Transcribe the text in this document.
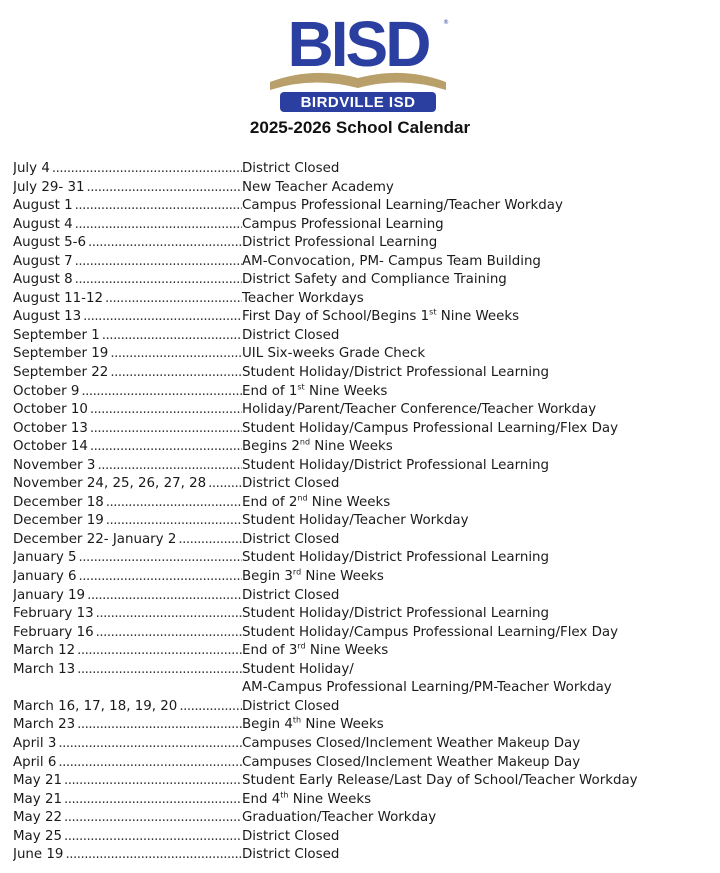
BISD ®
BIRDVILLE ISD
2025-2026 School Calendar
July 4 .....	District Closed
July 29- 31 .....	New Teacher Academy
August 1 .....	Campus Professional Learning/Teacher Workday
August 4 .....	Campus Professional Learning
August 5-6 .....	District Professional Learning
August 7 .....	AM-Convocation, PM- Campus Team Building
August 8 .....	District Safety and Compliance Training
August 11-12 .....	Teacher Workdays
August 13 .....	First Day of School/Begins 1st Nine Weeks
September 1 .....	District Closed
September 19 .....	UIL Six-weeks Grade Check
September 22 .....	Student Holiday/District Professional Learning
October 9 .....	End of 1st Nine Weeks
October 10 .....	Holiday/Parent/Teacher Conference/Teacher Workday
October 13 .....	Student Holiday/Campus Professional Learning/Flex Day
October 14 .....	Begins 2nd Nine Weeks
November 3 .....	Student Holiday/District Professional Learning
November 24, 25, 26, 27, 28 .....	District Closed
December 18 .....	End of 2nd Nine Weeks
December 19 .....	Student Holiday/Teacher Workday
December 22- January 2 .....	District Closed
January 5 .....	Student Holiday/District Professional Learning
January 6 .....	Begin 3rd Nine Weeks
January 19 .....	District Closed
February 13 .....	Student Holiday/District Professional Learning
February 16 .....	Student Holiday/Campus Professional Learning/Flex Day
March 12 .....	End of 3rd Nine Weeks
March 13 .....	Student Holiday/
AM-Campus Professional Learning/PM-Teacher Workday
March 16, 17, 18, 19, 20 .....	District Closed
March 23 .....	Begin 4th Nine Weeks
April 3 .....	Campuses Closed/Inclement Weather Makeup Day
April 6 .....	Campuses Closed/Inclement Weather Makeup Day
May 21 .....	Student Early Release/Last Day of School/Teacher Workday
May 21 .....	End 4th Nine Weeks
May 22 .....	Graduation/Teacher Workday
May 25 .....	District Closed
June 19 .....	District Closed
